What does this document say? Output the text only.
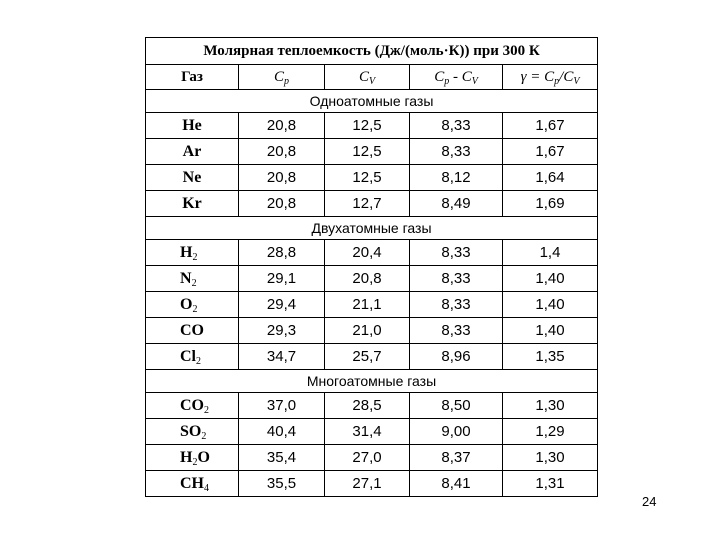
Молярная теплоемкость (Дж/(моль·К)) при 300 К				
Газ	$C_p$	$C_V$	$C_p - C_V$	$\gamma = C_p/C_V$
Одноатомные газы				
He	20,8	12,5	8,33	1,67
Ar	20,8	12,5	8,33	1,67
Ne	20,8	12,5	8,12	1,64
Kr	20,8	12,7	8,49	1,69
Двухатомные газы				
$H_2$	28,8	20,4	8,33	1,4
$N_2$	29,1	20,8	8,33	1,40
$O_2$	29,4	21,1	8,33	1,40
CO	29,3	21,0	8,33	1,40
$Cl_2$	34,7	25,7	8,96	1,35
Многоатомные газы				
$CO_2$	37,0	28,5	8,50	1,30
$SO_2$	40,4	31,4	9,00	1,29
$H_2O$	35,4	27,0	8,37	1,30
$CH_4$	35,5	27,1	8,41	1,31
24
